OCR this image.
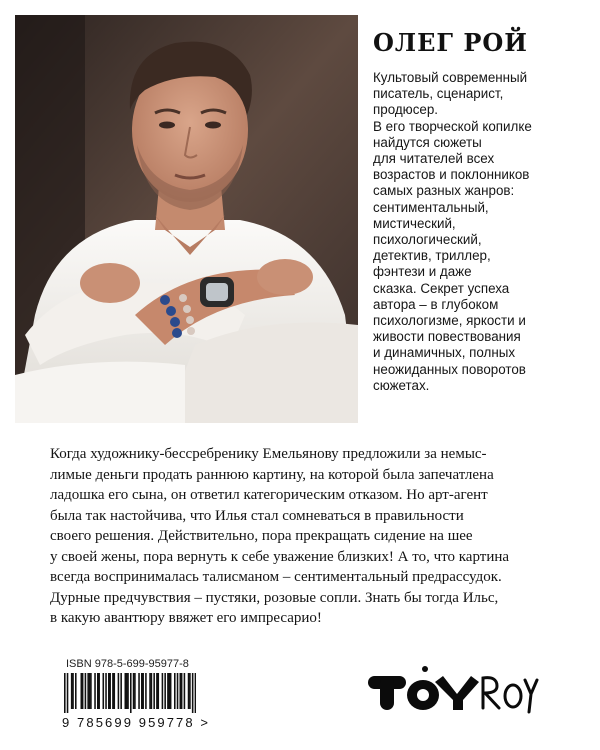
ОЛЕГ РОЙ

Культовый современный
писатель, сценарист,
продюсер.
В его творческой копилке
найдутся сюжеты
для читателей всех
возрастов и поклонников
самых разных жанров:
сентиментальный,
мистический,
психологический,
детектив, триллер,
фэнтези и даже
сказка. Секрет успеха
автора – в глубоком
психологизме, яркости и
живости повествования
и динамичных, полных
неожиданных поворотов
сюжетах.

Когда художнику-бессребренику Емельянову предложили за немыс-
лимые деньги продать раннюю картину, на которой была запечатлена
ладошка его сына, он ответил категорическим отказом. Но арт-агент
была так настойчива, что Илья стал сомневаться в правильности
своего решения. Действительно, пора прекращать сидение на шее
у своей жены, пора вернуть к себе уважение близких! А то, что картина
всегда воспринималась талисманом – сентиментальный предрассудок.
Дурные предчувствия – пустяки, розовые сопли. Знать бы тогда Ильс,
в какую авантюру ввяжет его импресарио!

ISBN 978-5-699-95977-8
9 785699 959778 >
